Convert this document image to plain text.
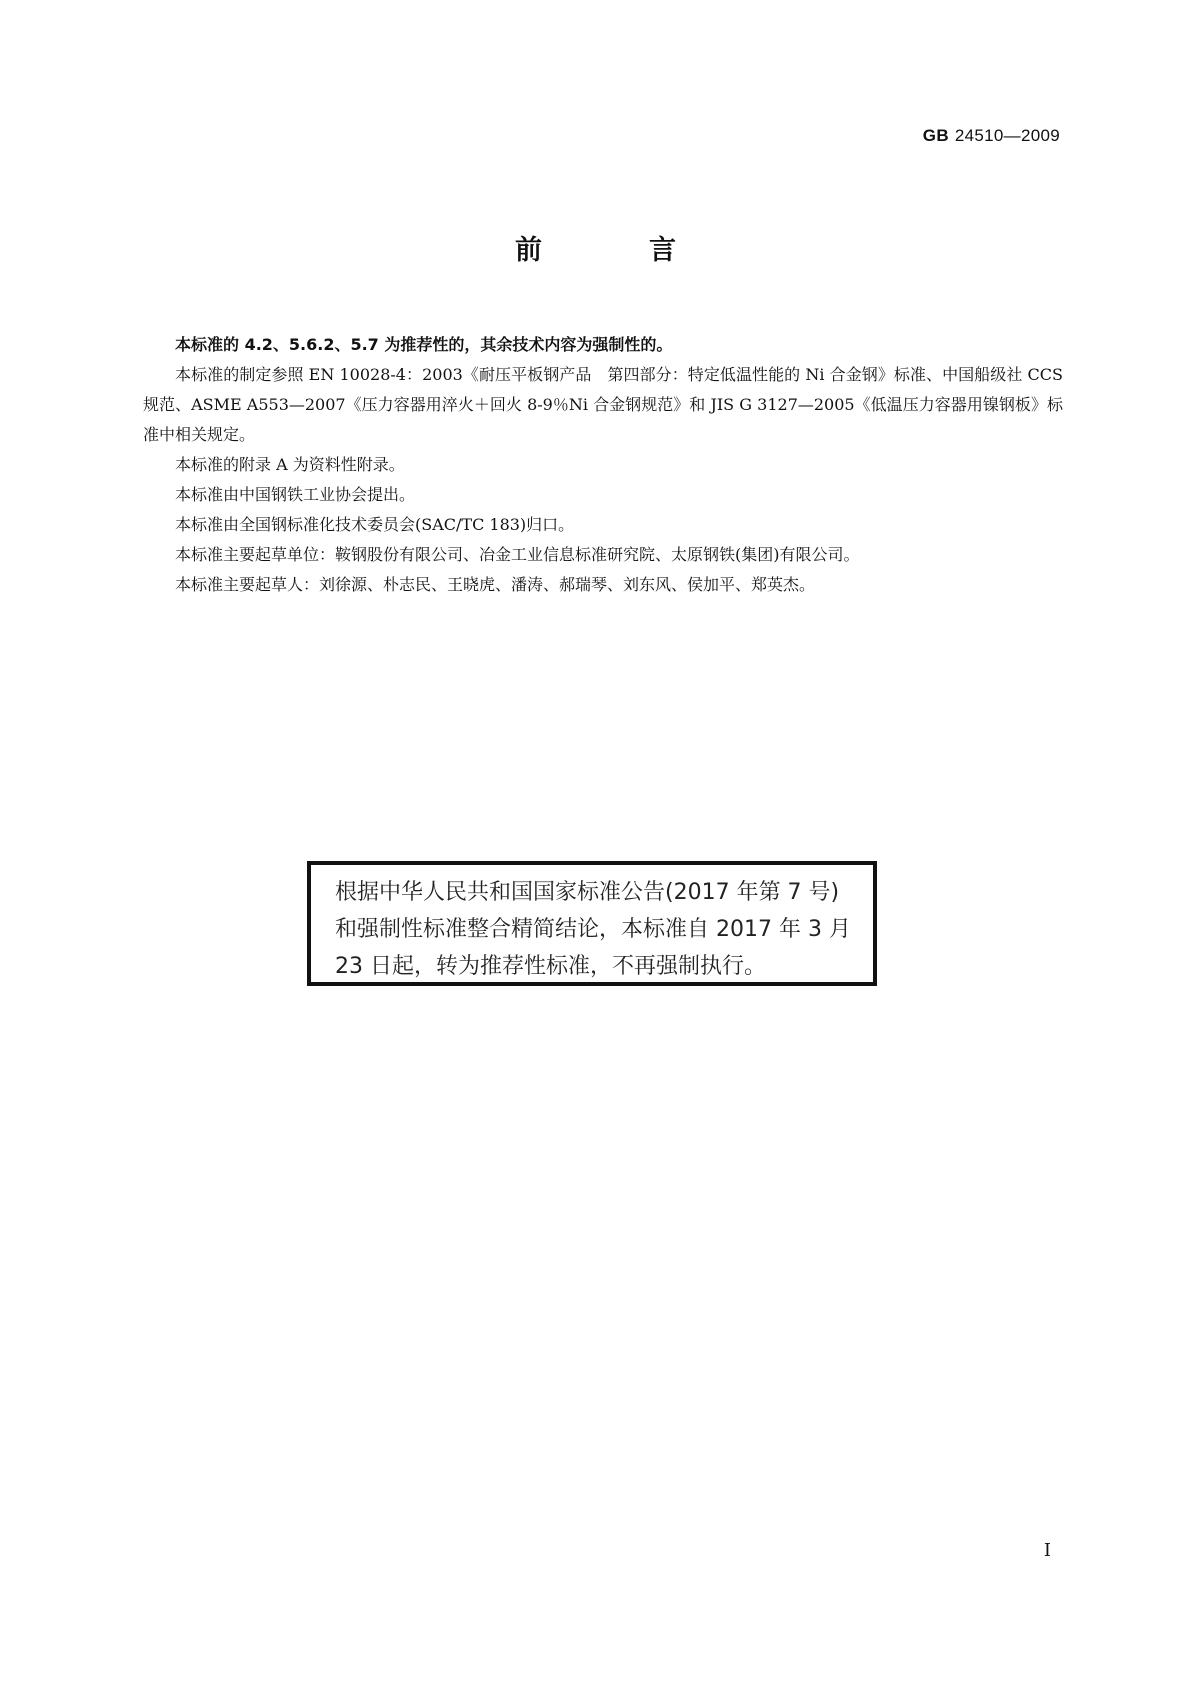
GB 24510—2009
前　言

本标准的 4.2、5.6.2、5.7 为推荐性的，其余技术内容为强制性的。

本标准的制定参照 EN 10028-4：2003《耐压平板钢产品　第四部分：特定低温性能的 Ni 合金钢》标准、中国船级社 CCS 规范、ASME A553—2007《压力容器用淬火＋回火 8-9％Ni 合金钢规范》和 JIS G 3127—2005《低温压力容器用镍钢板》标准中相关规定。

本标准的附录 A 为资料性附录。

本标准由中国钢铁工业协会提出。

本标准由全国钢标准化技术委员会(SAC/TC 183)归口。

本标准主要起草单位：鞍钢股份有限公司、冶金工业信息标准研究院、太原钢铁(集团)有限公司。

本标准主要起草人：刘徐源、朴志民、王晓虎、潘涛、郝瑞琴、刘东风、侯加平、郑英杰。

根据中华人民共和国国家标准公告(2017 年第 7 号)和强制性标准整合精简结论，本标准自 2017 年 3 月 23 日起，转为推荐性标准，不再强制执行。
I
